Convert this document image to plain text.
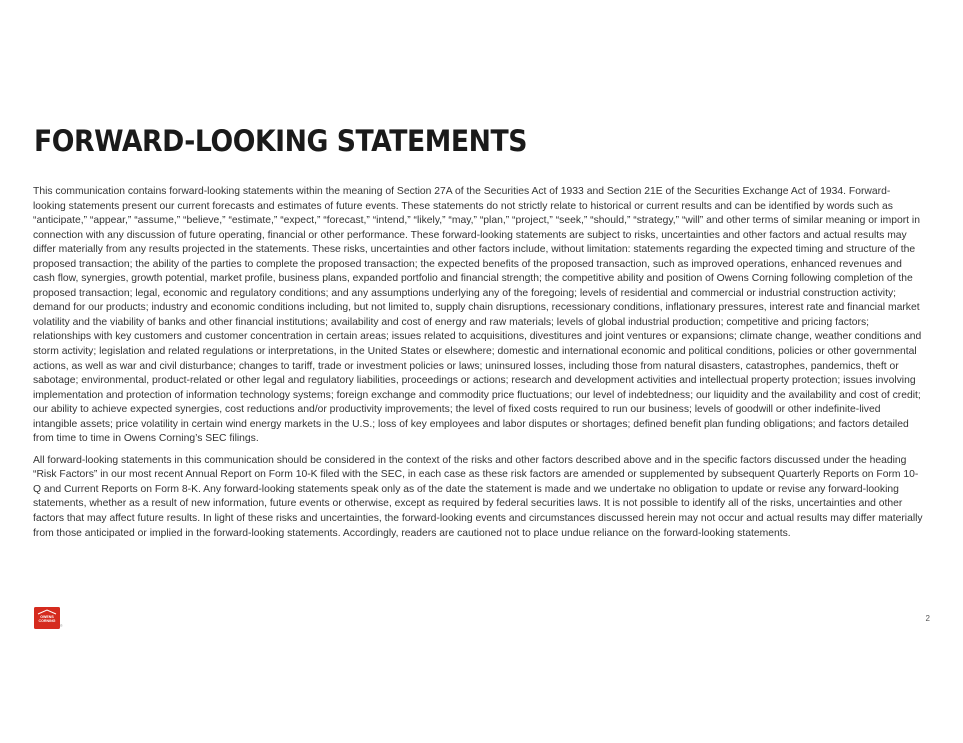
FORWARD-LOOKING STATEMENTS

This communication contains forward-looking statements within the meaning of Section 27A of the Securities Act of 1933 and Section 21E of the Securities Exchange Act of 1934. Forward-looking statements present our current forecasts and estimates of future events. These statements do not strictly relate to historical or current results and can be identified by words such as “anticipate,” “appear,” “assume,” “believe,” “estimate,” “expect,” “forecast,” “intend,” “likely,” “may,” “plan,” “project,” “seek,” “should,” “strategy,” “will” and other terms of similar meaning or import in connection with any discussion of future operating, financial or other performance. These forward-looking statements are subject to risks, uncertainties and other factors and actual results may differ materially from any results projected in the statements. These risks, uncertainties and other factors include, without limitation: statements regarding the expected timing and structure of the proposed transaction; the ability of the parties to complete the proposed transaction; the expected benefits of the proposed transaction, such as improved operations, enhanced revenues and cash flow, synergies, growth potential, market profile, business plans, expanded portfolio and financial strength; the competitive ability and position of Owens Corning following completion of the proposed transaction; legal, economic and regulatory conditions; and any assumptions underlying any of the foregoing; levels of residential and commercial or industrial construction activity; demand for our products; industry and economic conditions including, but not limited to, supply chain disruptions, recessionary conditions, inflationary pressures, interest rate and financial market volatility and the viability of banks and other financial institutions; availability and cost of energy and raw materials; levels of global industrial production; competitive and pricing factors; relationships with key customers and customer concentration in certain areas; issues related to acquisitions, divestitures and joint ventures or expansions; climate change, weather conditions and storm activity; legislation and related regulations or interpretations, in the United States or elsewhere; domestic and international economic and political conditions, policies or other governmental actions, as well as war and civil disturbance; changes to tariff, trade or investment policies or laws; uninsured losses, including those from natural disasters, catastrophes, pandemics, theft or sabotage; environmental, product-related or other legal and regulatory liabilities, proceedings or actions; research and development activities and intellectual property protection; issues involving implementation and protection of information technology systems; foreign exchange and commodity price fluctuations; our level of indebtedness; our liquidity and the availability and cost of credit; our ability to achieve expected synergies, cost reductions and/or productivity improvements; the level of fixed costs required to run our business; levels of goodwill or other indefinite-lived intangible assets; price volatility in certain wind energy markets in the U.S.; loss of key employees and labor disputes or shortages; defined benefit plan funding obligations; and factors detailed from time to time in Owens Corning’s SEC filings.

All forward-looking statements in this communication should be considered in the context of the risks and other factors described above and in the specific factors discussed under the heading “Risk Factors” in our most recent Annual Report on Form 10-K filed with the SEC, in each case as these risk factors are amended or supplemented by subsequent Quarterly Reports on Form 10-Q and Current Reports on Form 8-K. Any forward-looking statements speak only as of the date the statement is made and we undertake no obligation to update or revise any forward-looking statements, whether as a result of new information, future events or otherwise, except as required by federal securities laws. It is not possible to identify all of the risks, uncertainties and other factors that may affect future results. In light of these risks and uncertainties, the forward-looking events and circumstances discussed herein may not occur and actual results may differ materially from those anticipated or implied in the forward-looking statements. Accordingly, readers are cautioned not to place undue reliance on the forward-looking statements.

OWENS
CORNING
®
2
